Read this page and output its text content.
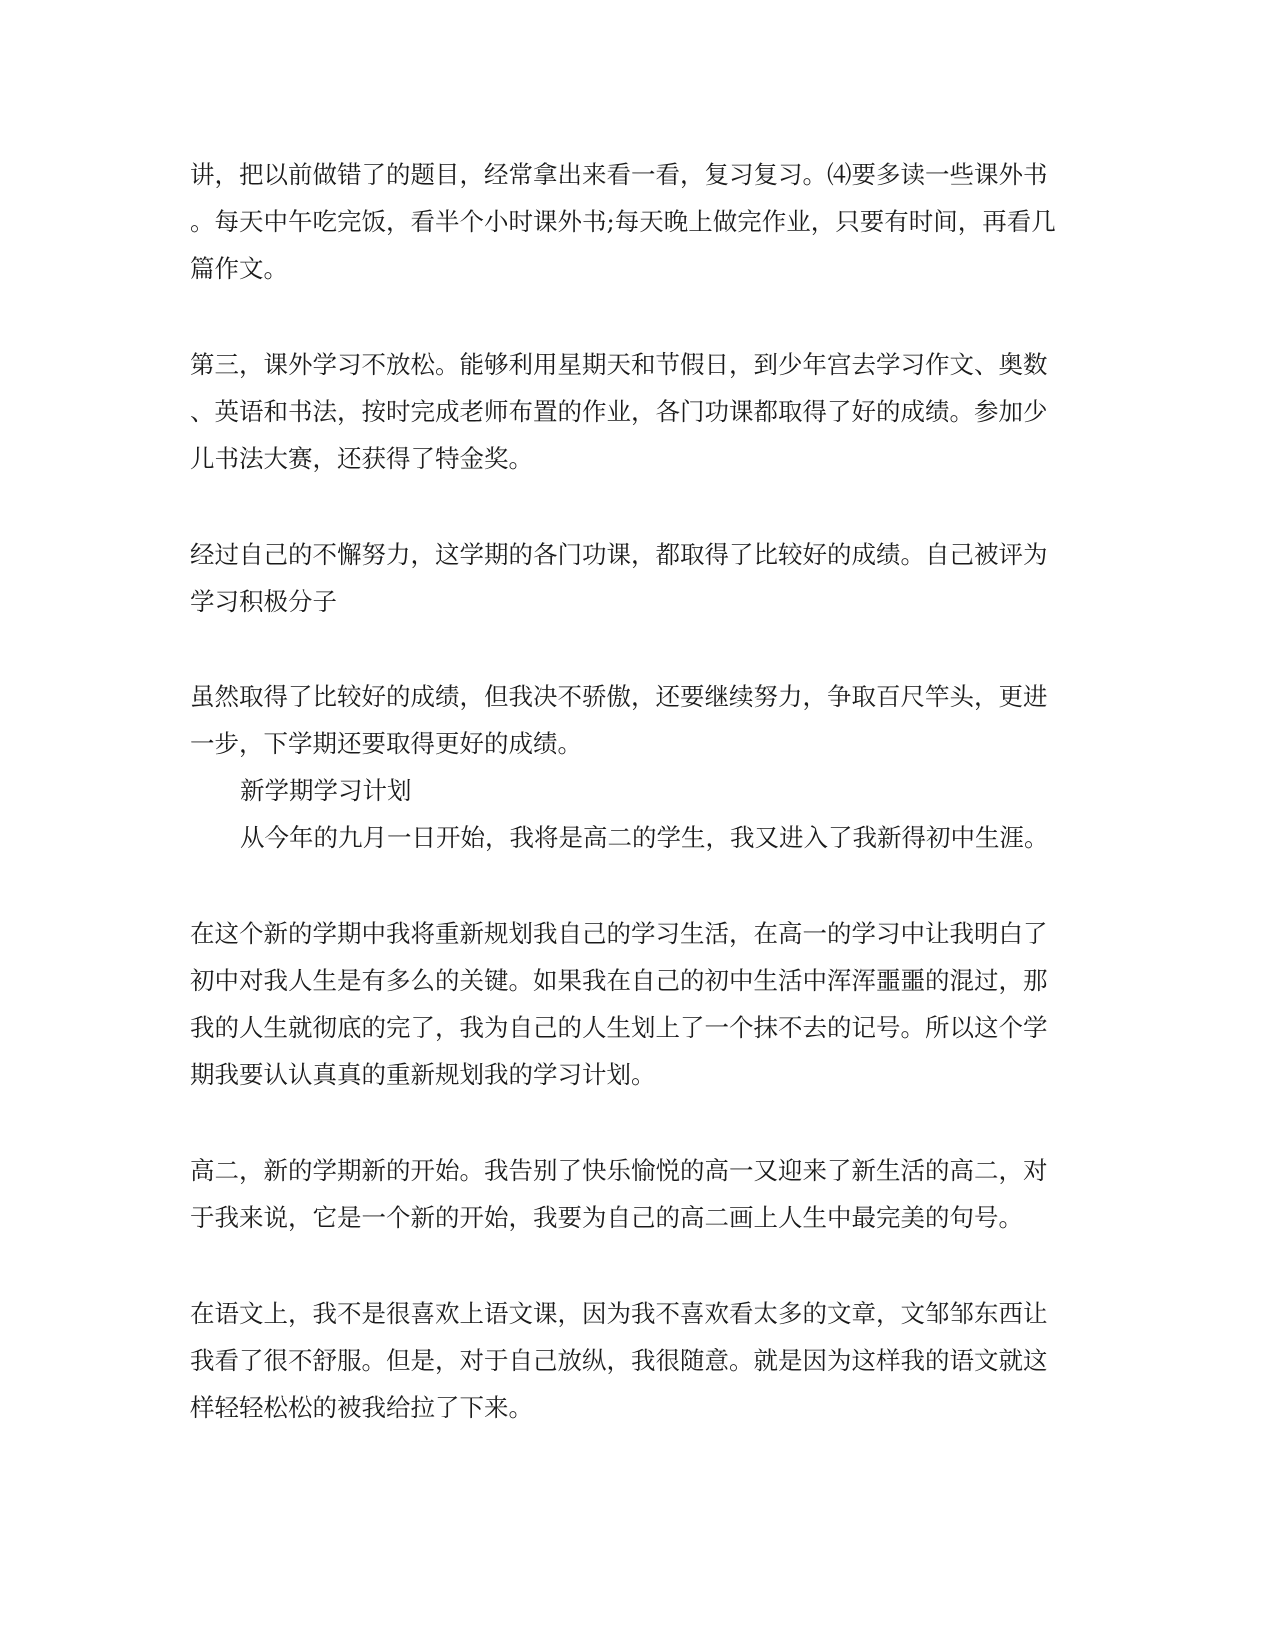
讲，把以前做错了的题目，经常拿出来看一看，复习复习。⑷要多读一些课外书
。每天中午吃完饭，看半个小时课外书;每天晚上做完作业，只要有时间，再看几
篇作文。
第三，课外学习不放松。能够利用星期天和节假日，到少年宫去学习作文、奥数
、英语和书法，按时完成老师布置的作业，各门功课都取得了好的成绩。参加少
儿书法大赛，还获得了特金奖。
经过自己的不懈努力，这学期的各门功课，都取得了比较好的成绩。自己被评为
学习积极分子
虽然取得了比较好的成绩，但我决不骄傲，还要继续努力，争取百尺竿头，更进
一步，下学期还要取得更好的成绩。
新学期学习计划
从今年的九月一日开始，我将是高二的学生，我又进入了我新得初中生涯。
在这个新的学期中我将重新规划我自己的学习生活，在高一的学习中让我明白了
初中对我人生是有多么的关键。如果我在自己的初中生活中浑浑噩噩的混过，那
我的人生就彻底的完了，我为自己的人生划上了一个抹不去的记号。所以这个学
期我要认认真真的重新规划我的学习计划。
高二，新的学期新的开始。我告别了快乐愉悦的高一又迎来了新生活的高二，对
于我来说，它是一个新的开始，我要为自己的高二画上人生中最完美的句号。
在语文上，我不是很喜欢上语文课，因为我不喜欢看太多的文章，文邹邹东西让
我看了很不舒服。但是，对于自己放纵，我很随意。就是因为这样我的语文就这
样轻轻松松的被我给拉了下来。
